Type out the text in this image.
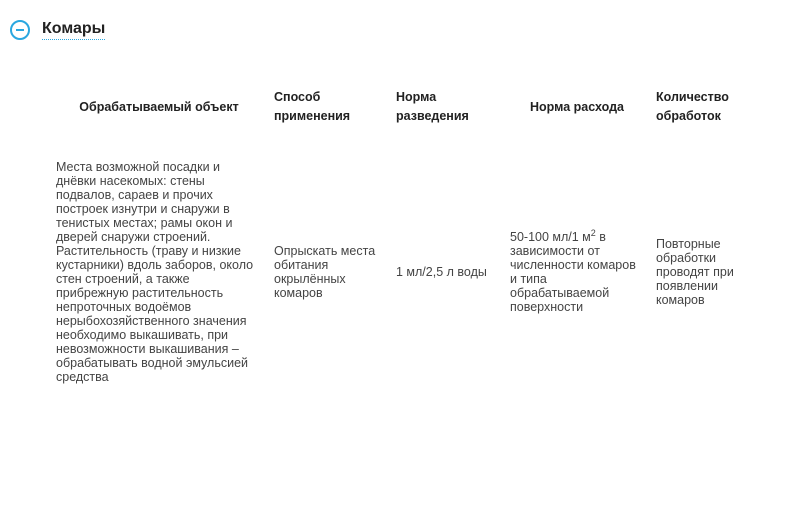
Комары
Обрабатываемый объект	Способ применения	Норма разведения	Норма расхода	Количество обработок
Места возможной посадки и днёвки насекомых: стены подвалов, сараев и прочих построек изнутри и снаружи в тенистых местах; рамы окон и дверей снаружи строений. Растительность (траву и низкие кустарники) вдоль заборов, около стен строений, а также прибрежную растительность непроточных водоёмов нерыбохозяйственного значения необходимо выкашивать, при невозможности выкашивания – обрабатывать водной эмульсией средства	Опрыскать места обитания окрылённых комаров	1 мл/2,5 л воды	50-100 мл/1 $м^2$ в зависимости от численности комаров и типа обрабатываемой поверхности	Повторные обработки проводят при появлении комаров
